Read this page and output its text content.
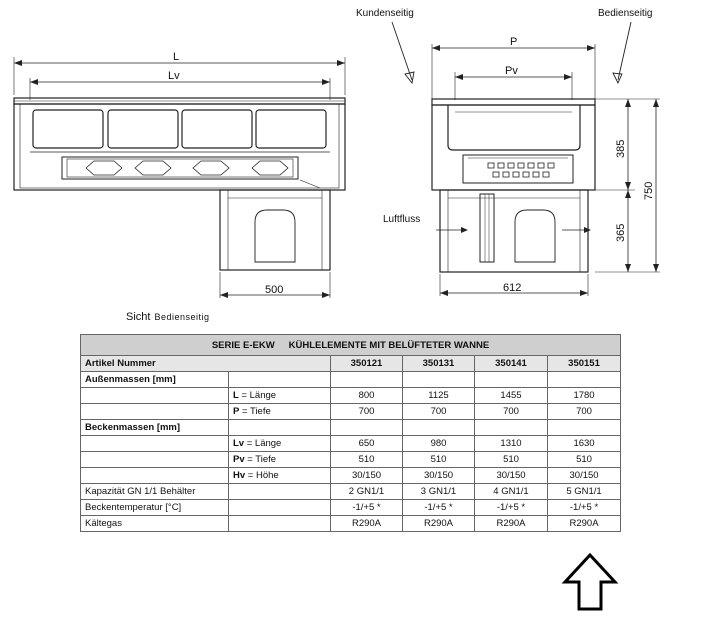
L
Lv
500
Kundenseitig	Bedienseitig
P
Pv
Luftfluss
612
385
365
750
Sicht Bedienseitig
SERIE E-EKW KÜHLELEMENTE MIT BELÜFTETER WANNE					
Artikel Nummer		350121	350131	350141	350151
Außenmassen [mm]					
	L = Länge	800	1125	1455	1780
	P = Tiefe	700	700	700	700
Beckenmassen [mm]					
	Lv = Länge	650	980	1310	1630
	Pv = Tiefe	510	510	510	510
	Hv = Höhe	30/150	30/150	30/150	30/150
Kapazität GN 1/1 Behälter		2 GN1/1	3 GN1/1	4 GN1/1	5 GN1/1
Beckentemperatur [°C]		-1/+5 *	-1/+5 *	-1/+5 *	-1/+5 *
Kältegas		R290A	R290A	R290A	R290A
